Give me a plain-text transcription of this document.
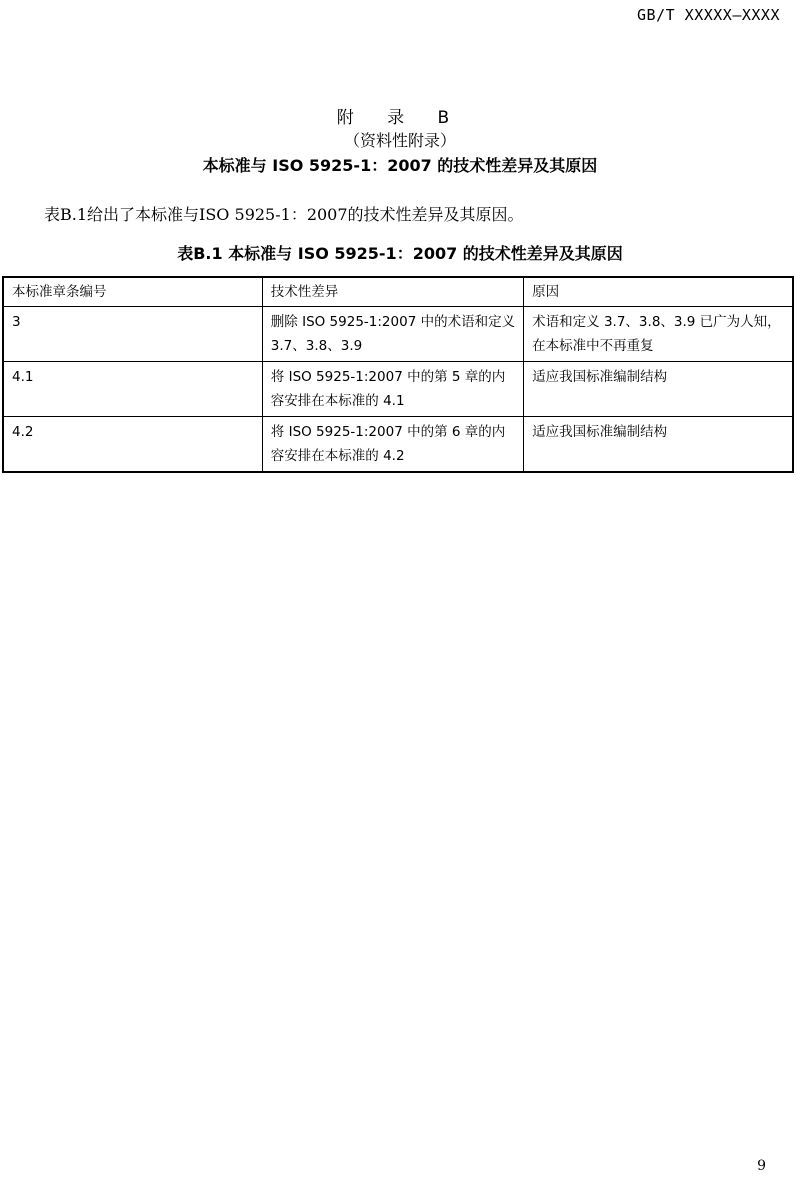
GB/T XXXXX—XXXX
附 录 B
（资料性附录）
本标准与 ISO 5925-1：2007 的技术性差异及其原因
表B.1给出了本标准与ISO 5925-1：2007的技术性差异及其原因。
表B.1 本标准与 ISO 5925-1：2007 的技术性差异及其原因
本标准章条编号	技术性差异	原因
3	删除 ISO 5925-1:2007 中的术语和定义 3.7、3.8、3.9	术语和定义 3.7、3.8、3.9 已广为人知，在本标准中不再重复
4.1	将 ISO 5925-1:2007 中的第 5 章的内容安排在本标准的 4.1	适应我国标准编制结构
4.2	将 ISO 5925-1:2007 中的第 6 章的内容安排在本标准的 4.2	适应我国标准编制结构
9
